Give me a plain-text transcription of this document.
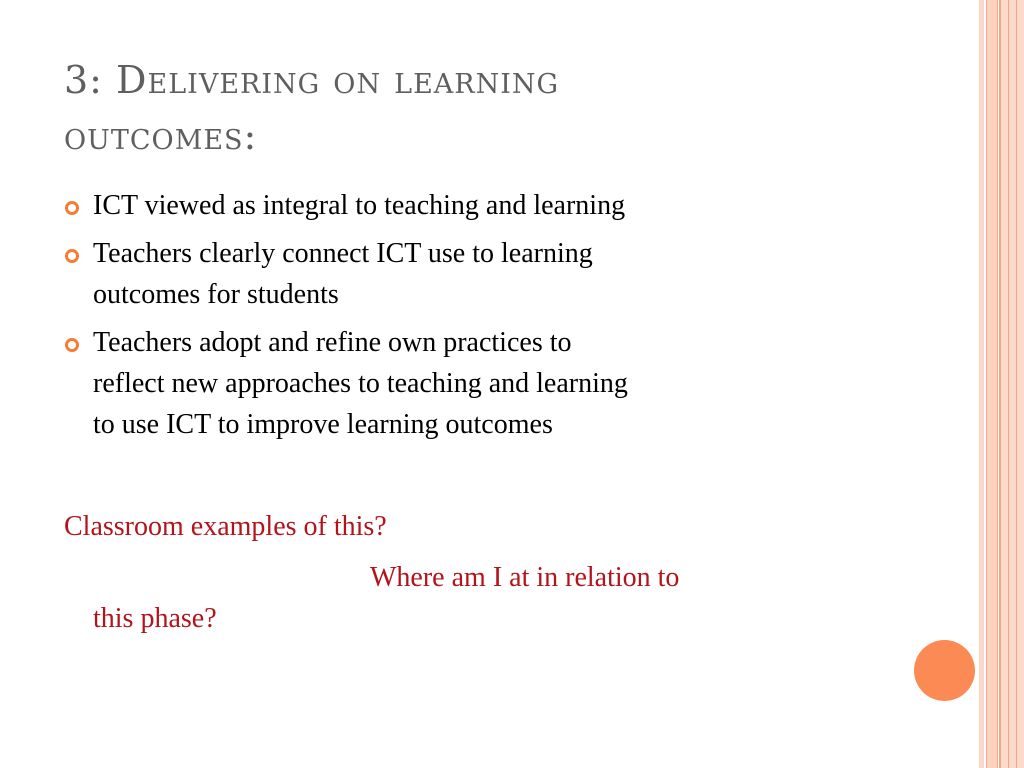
3: Delivering on learning
outcomes:
ICT viewed as integral to teaching and learning
Teachers clearly connect ICT use to learning
outcomes for students
Teachers adopt and refine own practices to
reflect new approaches to teaching and learning
to use ICT to improve learning outcomes
Classroom examples of this?
Where am I at in relation to
this phase?
